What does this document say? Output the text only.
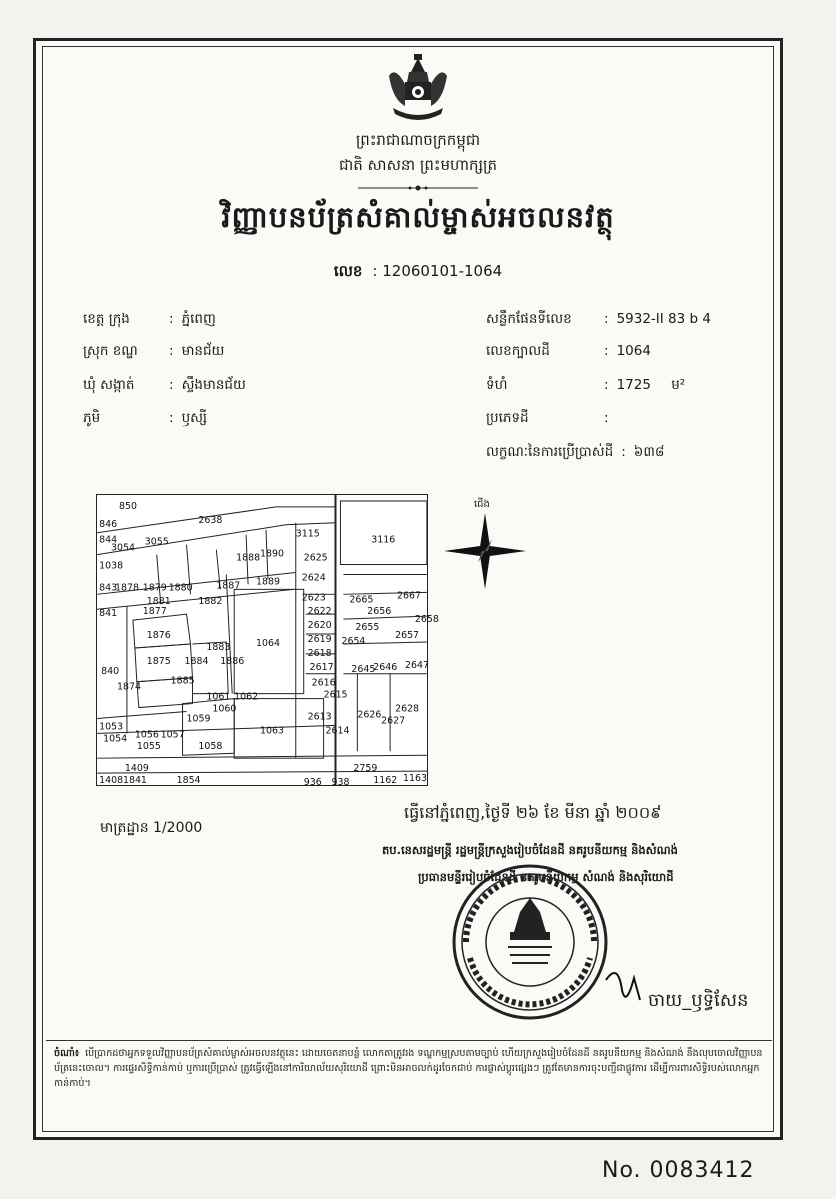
ព្រះរាជាណាចក្រកម្ពុជា
ជាតិ សាសនា ព្រះមហាក្សត្រ
វិញ្ញាបនប័ត្រសំគាល់ម្ចាស់អចលនវត្ថុ
លេខ : 12060101-1064
ខេត្ត ក្រុង	: ភ្នំពេញ
ស្រុក ខណ្ឌ : មានជ័យ
ឃុំ សង្កាត់	: ស្ទឹងមានជ័យ
ភូមិ	: ឫស្សី
សន្លឹកផែនទីលេខ : 5932-II 83 b 4
លេខក្បាលដី	: 1064
ទំហំ	: 1725 ម²
ប្រភេទដី	:
លក្ខណៈនៃការប្រើប្រាស់ដី : ៦៣៨
850
2638
3115
3116
846
844
3054
3055
1038
2625
1888 1890
2624
843
1878 1879 1880
1881	1882
1887 1889
2623 2665 2667
841	1877	2622
2620
2656
2655
2657
2658
1876
1064	2619 2654
2618
1883
840
1875 1884 1886
2617 2645
2646 2647
2616
1874
1885
2615
1061 1062
1060	2628
1059	2613	2626
2627
1053
1054 1056 1057	1063	2614
1055	1058
1409	2759
1408 1841	1854	936 938 1162 1163
ជើង
មាត្រដ្ឋាន 1/2000
ធ្វើនៅភ្នំពេញ,ថ្ងៃទី ២៦ ខែ មីនា ឆ្នាំ ២០០៩
តប.នេសរដ្ឋមន្ត្រី រដ្ឋមន្ត្រីក្រសួងរៀបចំដែនដី នគរូបនីយកម្ម និងសំណង់
ប្រធានមន្ទីររៀបចំដែនដី នគរូបនីយកម្ម សំណង់ និងសុរិយោដី
ចាយ_ឫទ្ធិសែន
ចំណាំ៖ បើប្រាកដថាអ្នកទទួលវិញ្ញាបនប័ត្រសំគាល់ម្ចាស់អចលនវត្ថុនេះ ដោយចេតនាបន្លំ លោកតាត្រូវរង ទណ្ឌកម្មស្របតាមច្បាប់ ហើយក្រសួងរៀបចំដែនដី នគរូបនីយកម្ម និងសំណង់ នឹងលុបចោលវិញ្ញាបនប័ត្រនេះចោល។ ការផ្ទេរសិទ្ធិកាន់កាប់ ឬការប្រើប្រាស់ ត្រូវធ្វើឡើងនៅការិយាល័យសុរិយោដី ព្រោះមិនអាចលក់ដូរចែកជាប់ ការផ្លាស់ប្តូរផ្សេងៗ ត្រូវតែមានការចុះបញ្ជីជាផ្លូវការ ដើម្បីការពារសិទ្ធិរបស់លោកអ្នកកាន់កាប់។
No. 0083412
